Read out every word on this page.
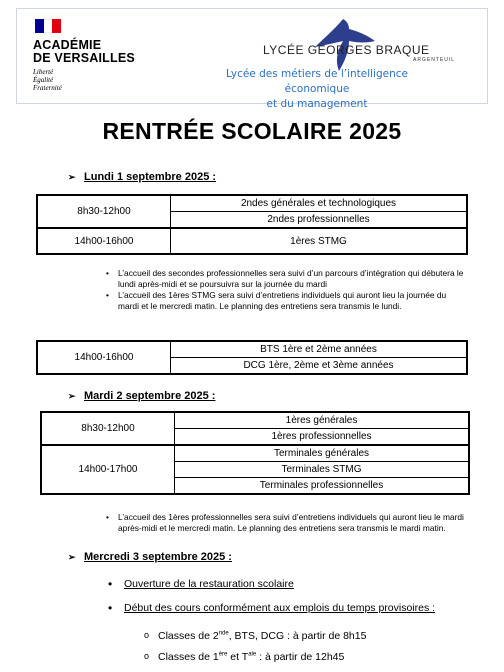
ACADÉMIE
DE VERSAILLES
Liberté
Égalité
Fraternité
LYCÉE GEORGES BRAQUE
ARGENTEUIL
Lycée des métiers de l’intelligence économique
et du management
RENTRÉE SCOLAIRE 2025
➢ Lundi 1 septembre 2025 :
8h30-12h00	2ndes générales et technologiques
	2ndes professionnelles
14h00-16h00	1ères STMG
• L’accueil des secondes professionnelles sera suivi d’un parcours d’intégration qui débutera le lundi après-midi et se poursuivra sur la journée du mardi
• L’accueil des 1ères STMG sera suivi d’entretiens individuels qui auront lieu la journée du mardi et le mercredi matin. Le planning des entretiens sera transmis le lundi.
14h00-16h00	BTS 1ère et 2ème années
DCG 1ère, 2ème et 3ème années
➢ Mardi 2 septembre 2025 :
8h30-12h00	1ères générales
	1ères professionnelles
14h00-17h00	Terminales générales
	Terminales STMG
	Terminales professionnelles
• L’accueil des 1ères professionnelles sera suivi d’entretiens individuels qui auront lieu le mardi après-midi et le mercredi matin. Le planning des entretiens sera transmis le mardi matin.
➢ Mercredi 3 septembre 2025 :
• Ouverture de la restauration scolaire
• Début des cours conformément aux emplois du temps provisoires :
o Classes de 2nde, BTS, DCG : à partir de 8h15
o Classes de 1ère et $T^{ale}$ : à partir de 12h45
